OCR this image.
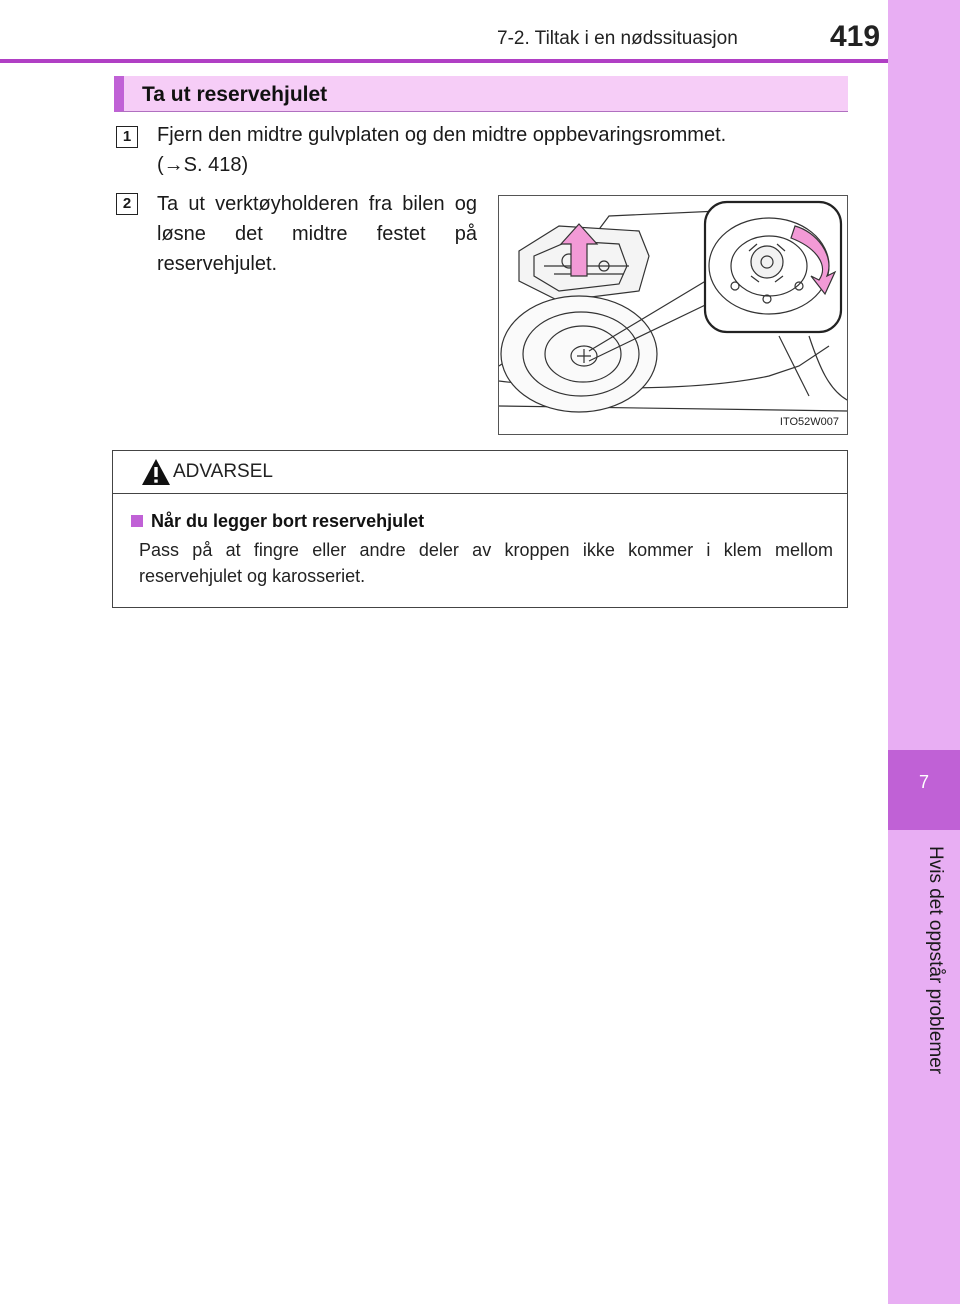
7-2. Tiltak i en nødssituasjon	419
7
Hvis det oppstår problemer
Ta ut reservehjulet
1	Fjern den midtre gulvplaten og den midtre oppbevaringsrommet.
(→S. 418)
2	Ta ut verktøyholderen fra bilen og løsne det midtre festet på reservehjulet.
ITO52W007
ADVARSEL
Når du legger bort reservehjulet
Pass på at fingre eller andre deler av kroppen ikke kommer i klem mellom reservehjulet og karosseriet.
